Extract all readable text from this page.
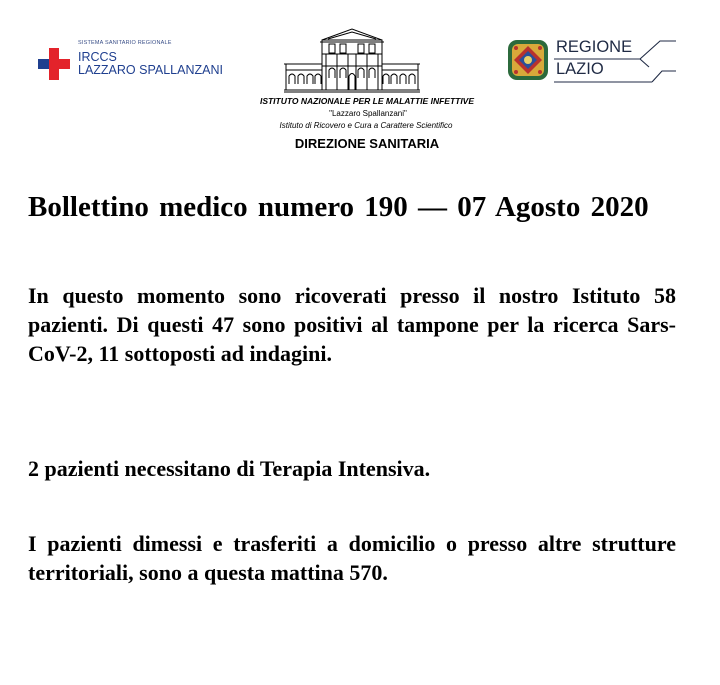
SISTEMA SANITARIO REGIONALE
IRCCS
LAZZARO SPALLANZANI
ISTITUTO NAZIONALE PER LE MALATTIE INFETTIVE
"Lazzaro Spallanzani"
Istituto di Ricovero e Cura a Carattere Scientifico
DIREZIONE SANITARIA
REGIONE
LAZIO
Bollettino medico numero 190 — 07 Agosto 2020
In questo momento sono ricoverati presso il nostro Istituto 58 pazienti. Di questi 47 sono positivi al tampone per la ricerca Sars-CoV-2, 11 sottoposti ad indagini.
2 pazienti necessitano di Terapia Intensiva.
I pazienti dimessi e trasferiti a domicilio o presso altre strutture territoriali, sono a questa mattina 570.
